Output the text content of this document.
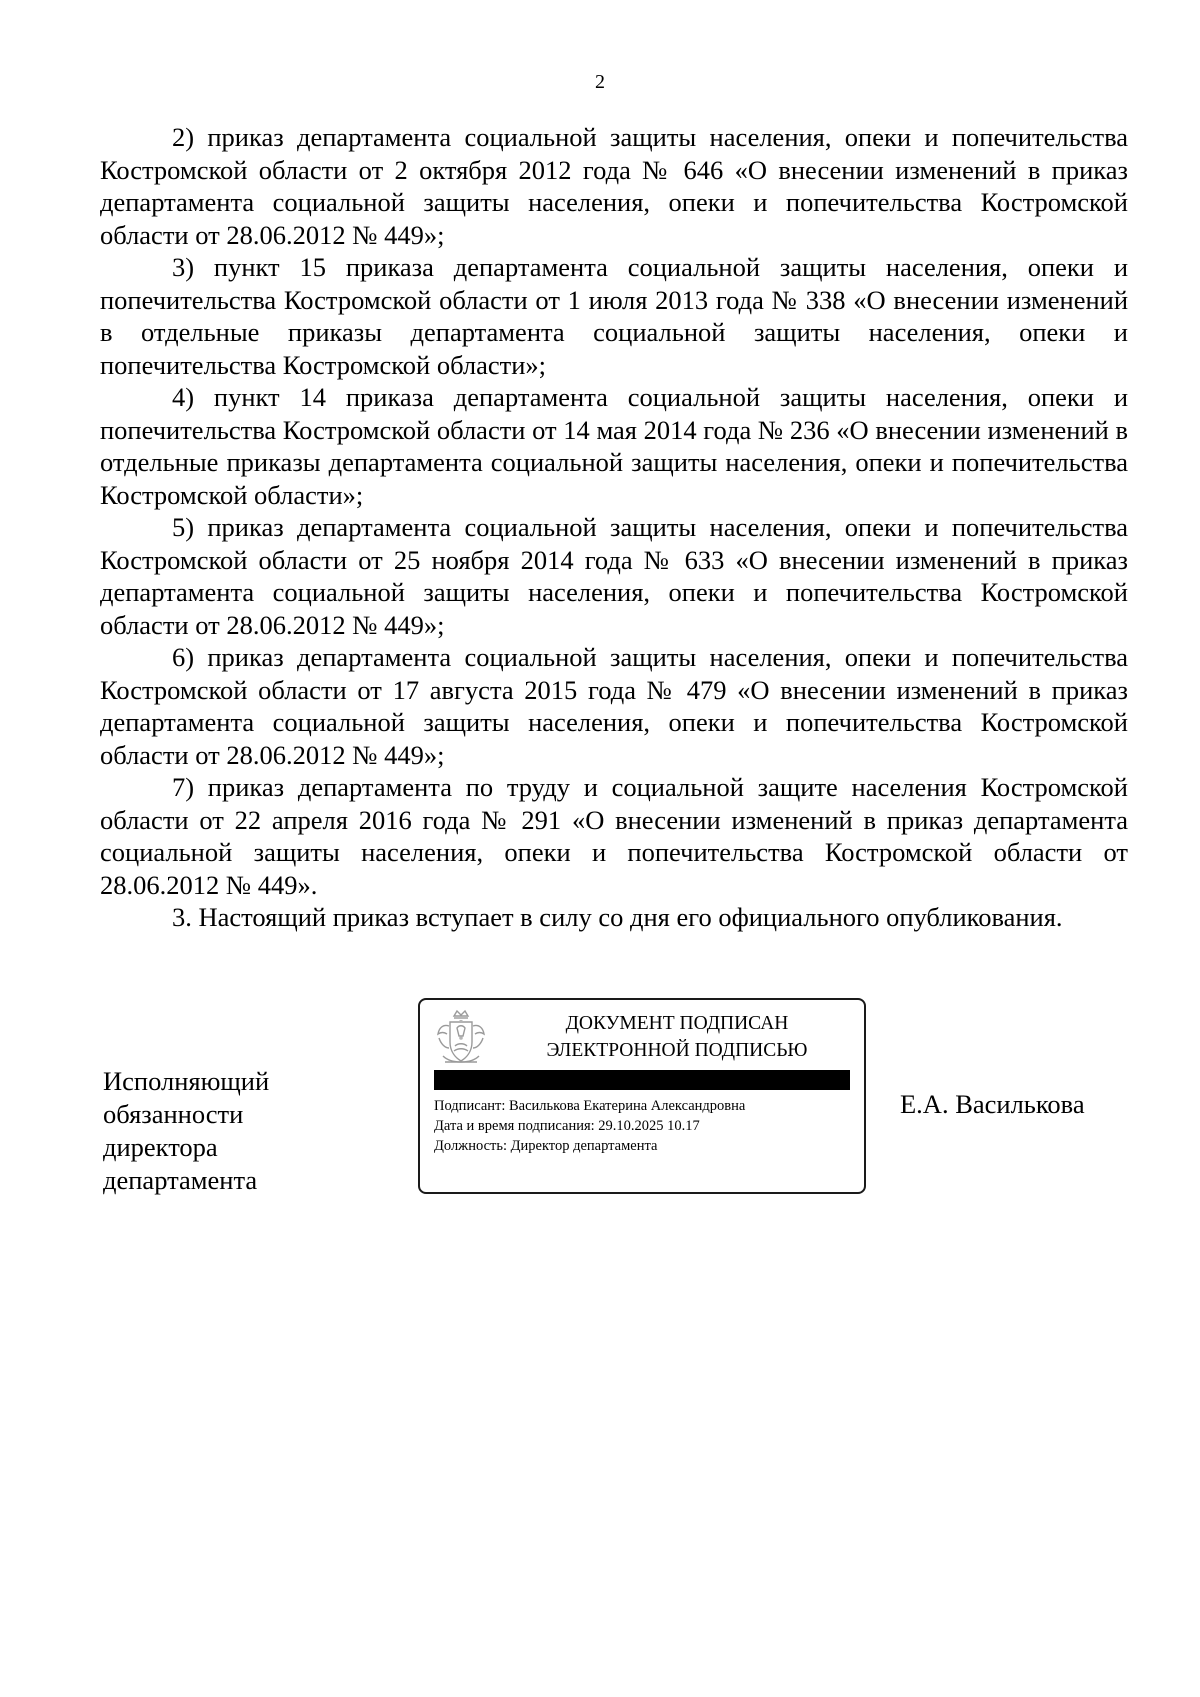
2

2) приказ департамента социальной защиты населения, опеки и попечительства Костромской области от 2 октября 2012 года № 646 «О внесении изменений в приказ департамента социальной защиты населения, опеки и попечительства Костромской области от 28.06.2012 № 449»;

3) пункт 15 приказа департамента социальной защиты населения, опеки и попечительства Костромской области от 1 июля 2013 года № 338 «О внесении изменений в отдельные приказы департамента социальной защиты населения, опеки и попечительства Костромской области»;

4) пункт 14 приказа департамента социальной защиты населения, опеки и попечительства Костромской области от 14 мая 2014 года № 236 «О внесении изменений в отдельные приказы департамента социальной защиты населения, опеки и попечительства Костромской области»;

5) приказ департамента социальной защиты населения, опеки и попечительства Костромской области от 25 ноября 2014 года № 633 «О внесении изменений в приказ департамента социальной защиты населения, опеки и попечительства Костромской области от 28.06.2012 № 449»;

6) приказ департамента социальной защиты населения, опеки и попечительства Костромской области от 17 августа 2015 года № 479 «О внесении изменений в приказ департамента социальной защиты населения, опеки и попечительства Костромской области от 28.06.2012 № 449»;

7) приказ департамента по труду и социальной защите населения Костромской области от 22 апреля 2016 года № 291 «О внесении изменений в приказ департамента социальной защиты населения, опеки и попечительства Костромской области от 28.06.2012 № 449».

3. Настоящий приказ вступает в силу со дня его официального опубликования.

Исполняющий
обязанности
директора
департамента
ДОКУМЕНТ ПОДПИСАН
ЭЛЕКТРОННОЙ ПОДПИСЬЮ
Подписант: Василькова Екатерина Александровна
Дата и время подписания: 29.10.2025 10.17
Должность: Директор департамента
Е.А. Василькова
